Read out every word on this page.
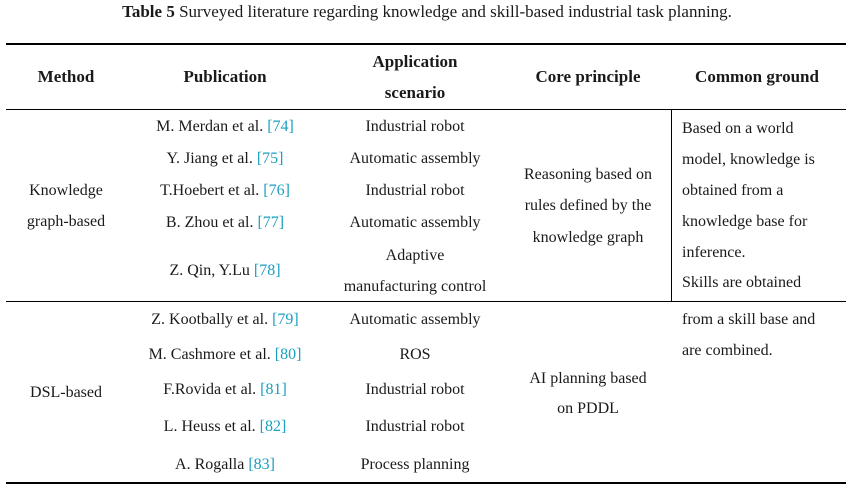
Table 5 Surveyed literature regarding knowledge and skill-based industrial task planning.
Method	Publication
Application
scenario
Core principle	Common ground
Knowledge
graph-based
M. Merdan et al. [74]
Y. Jiang et al. [75]
T.Hoebert et al. [76]
B. Zhou et al. [77]
Z. Qin, Y.Lu [78]
Industrial robot
Automatic assembly
Industrial robot
Automatic assembly
Adaptive
manufacturing control
Reasoning based on
rules defined by the
knowledge graph
Based on a world
model, knowledge is
obtained from a
knowledge base for
inference.
Skills are obtained
from a skill base and
are combined.
DSL-based
Z. Kootbally et al. [79]
M. Cashmore et al. [80]
F.Rovida et al. [81]
L. Heuss et al. [82]
A. Rogalla [83]
Automatic assembly
ROS
Industrial robot
Industrial robot
Process planning
AI planning based
on PDDL
